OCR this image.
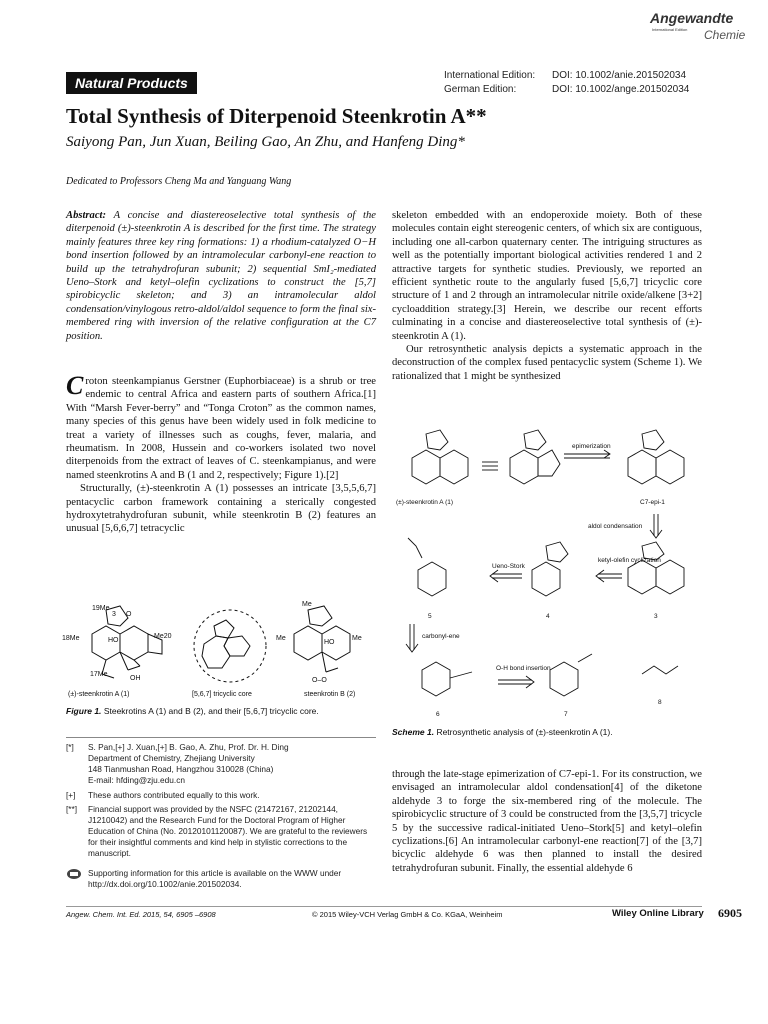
Angewandte
International Edition Chemie
Natural Products	International Edition: DOI: 10.1002/anie.201502034
German Edition:	DOI: 10.1002/ange.201502034
Total Synthesis of Diterpenoid Steenkrotin A**
Saiyong Pan, Jun Xuan, Beiling Gao, An Zhu, and Hanfeng Ding*
Dedicated to Professors Cheng Ma and Yanguang Wang
Abstract: A concise and diastereoselective total synthesis of the diterpenoid (±)-steenkrotin A is described for the first time. The strategy mainly features three key ring formations: 1) a rhodium-catalyzed O−H bond insertion followed by an intramolecular carbonyl-ene reaction to build up the tetrahydrofuran subunit; 2) sequential SmI₂-mediated Ueno–Stork and ketyl–olefin cyclizations to construct the [5,7] spirobicyclic skeleton; and 3) an intramolecular aldol condensation/vinylogous retro-aldol/aldol sequence to form the final six-membered ring with inversion of the relative configuration at the C7 position.

Croton steenkampianus Gerstner (Euphorbiaceae) is a shrub or tree endemic to central Africa and eastern parts of southern Africa.[1] With “Marsh Fever-berry” and “Tonga Croton” as the common names, many species of this genus have been widely used in folk medicine to treat a variety of illnesses such as coughs, fever, malaria, and rheumatism. In 2008, Hussein and co-workers isolated two novel diterpenoids from the extract of leaves of C. steenkampianus, and were named steenkrotins A and B (1 and 2, respectively; Figure 1).[2]

Structurally, (±)-steenkrotin A (1) possesses an intricate [3,5,5,6,7] pentacyclic carbon framework containing a sterically congested hydroxytetrahydrofuran subunit, while steenkrotin B (2) features an unusual [5,6,6,7] tetracyclic

skeleton embedded with an endoperoxide moiety. Both of these molecules contain eight stereogenic centers, of which six are contiguous, including one all-carbon quaternary center. The intriguing structures as well as the potentially important biological activities rendered 1 and 2 attractive targets for synthetic studies. Previously, we reported an efficient synthetic route to the angularly fused [5,6,7] tricyclic core structure of 1 and 2 through an intramolecular nitrile oxide/alkene [3+2] cycloaddition strategy.[3] Herein, we describe our recent efforts culminating in a concise and diastereoselective total synthesis of (±)-steenkrotin A (1).

Our retrosynthetic analysis depicts a systematic approach in the deconstruction of the complex fused pentacyclic system (Scheme 1). We rationalized that 1 might be synthesized

through the late-stage epimerization of C7-epi-1. For its construction, we envisaged an intramolecular aldol condensation[4] of the diketone aldehyde 3 to forge the six-membered ring of the molecule. The spirobicyclic structure of 3 could be constructed from the [3,5,7] tricycle 5 by the successive radical-initiated Ueno–Stork[5] and ketyl–olefin cyclizations.[6] An intramolecular carbonyl-ene reaction[7] of the [3,7] bicyclic aldehyde 6 was then planned to install the desired tetrahydrofuran subunit. Finally, the essential aldehyde 6

19Me
3 O
18Me	HO
Me20
17Me
OH
Me
Me
HO
Me
O–O
(±)-steenkrotin A (1)	[5,6,7] tricyclic core	steenkrotin B (2)
Figure 1. Steekrotins A (1) and B (2), and their [5,6,7] tricyclic core.
epimerization
aldol condensation
ketyl-olefin cyclization
Ueno-Stork
carbonyl-ene
O-H bond insertion
(±)-steenkrotin A (1)	C7-epi-1
3
4
5
6	7
8
Scheme 1. Retrosynthetic analysis of (±)-steenkrotin A (1).
[*]	S. Pan,[+] J. Xuan,[+] B. Gao, A. Zhu, Prof. Dr. H. Ding
Department of Chemistry, Zhejiang University
148 Tianmushan Road, Hangzhou 310028 (China)
E-mail: hfding@zju.edu.cn
[+]	These authors contributed equally to this work.
[**]	Financial support was provided by the NSFC (21472167, 21202144, J1210042) and the Research Fund for the Doctoral Program of Higher Education of China (No. 20120101120087). We are grateful to the reviewers for their insightful comments and kind help in stylistic corrections to the manuscript.
Supporting information for this article is available on the WWW under http://dx.doi.org/10.1002/anie.201502034.
Angew. Chem. Int. Ed. 2015, 54, 6905 –6908	© 2015 Wiley-VCH Verlag GmbH & Co. KGaA, Weinheim	Wiley Online Library 6905
